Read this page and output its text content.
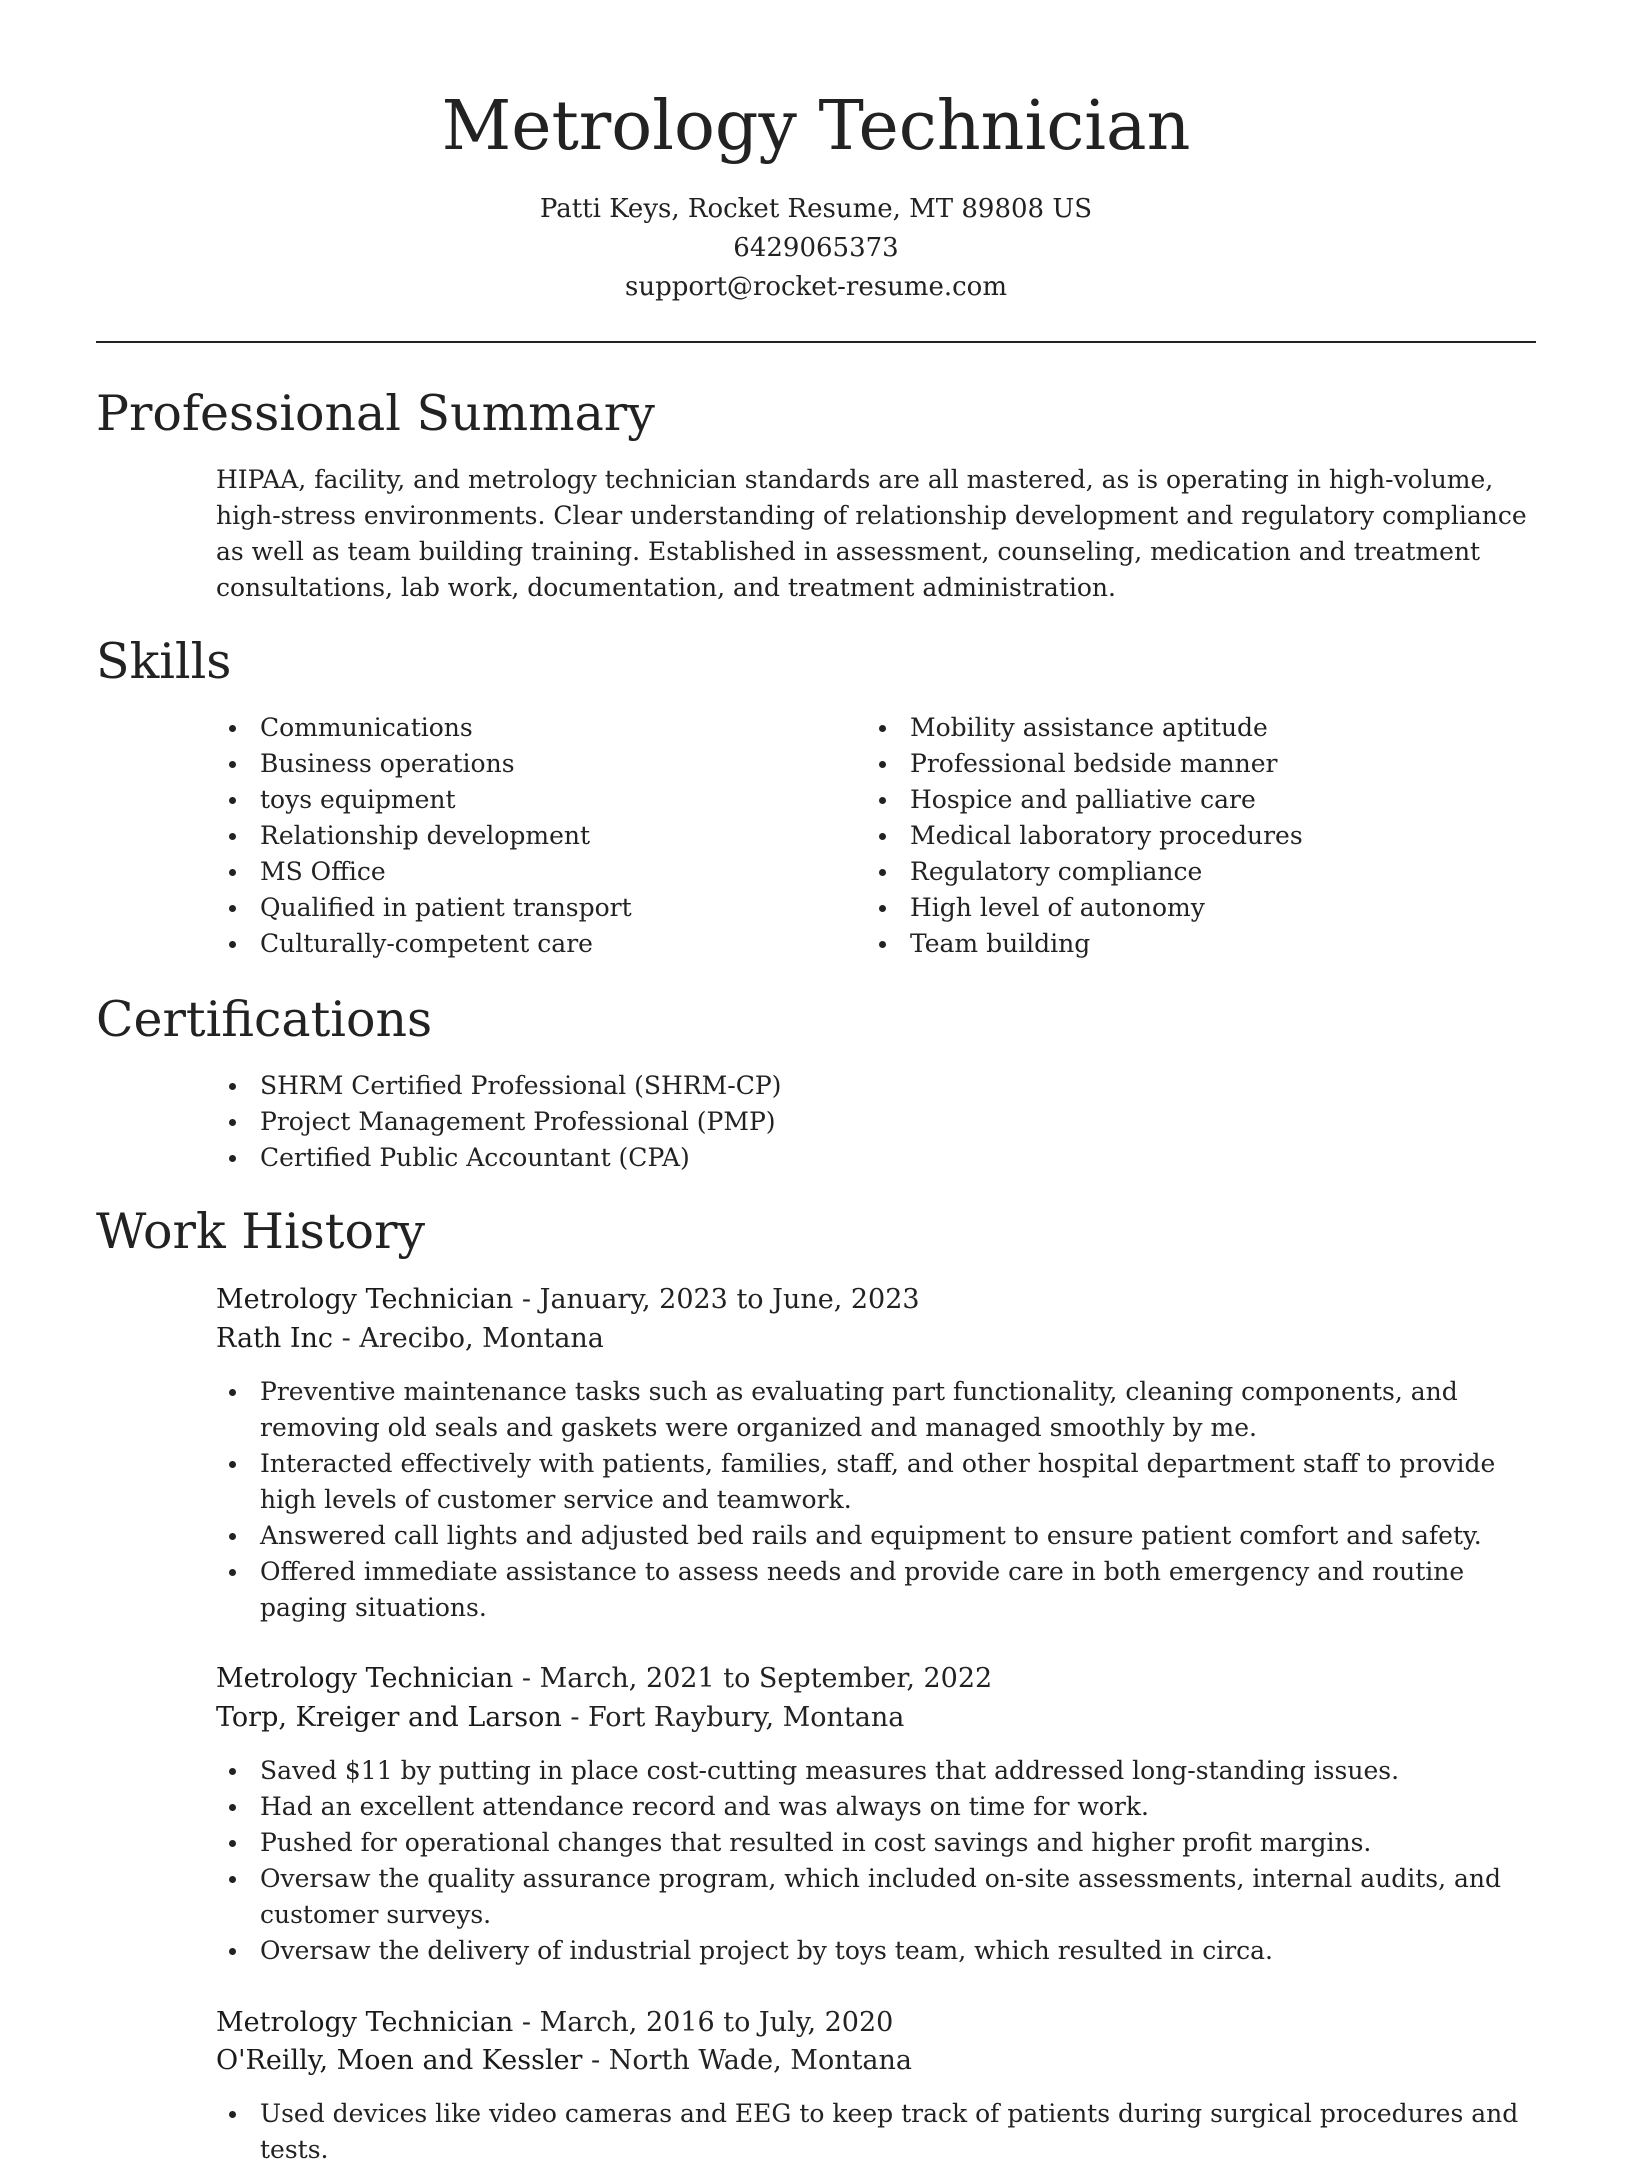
Metrology Technician
Patti Keys, Rocket Resume, MT 89808 US
6429065373
support@rocket-resume.com
Professional Summary

HIPAA, facility, and metrology technician standards are all mastered, as is operating in high-volume, high-stress environments. Clear understanding of relationship development and regulatory compliance as well as team building training. Established in assessment, counseling, medication and treatment consultations, lab work, documentation, and treatment administration.

Skills
Communications
Business operations
toys equipment
Relationship development
MS Office
Qualified in patient transport
Culturally-competent care
Mobility assistance aptitude
Professional bedside manner
Hospice and palliative care
Medical laboratory procedures
Regulatory compliance
High level of autonomy
Team building
Certifications
SHRM Certified Professional (SHRM-CP)
Project Management Professional (PMP)
Certified Public Accountant (CPA)
Work History
Metrology Technician - January, 2023 to June, 2023
Rath Inc - Arecibo, Montana
Preventive maintenance tasks such as evaluating part functionality, cleaning components, and removing old seals and gaskets were organized and managed smoothly by me.
Interacted effectively with patients, families, staff, and other hospital department staff to provide high levels of customer service and teamwork.
Answered call lights and adjusted bed rails and equipment to ensure patient comfort and safety.
Offered immediate assistance to assess needs and provide care in both emergency and routine paging situations.
Metrology Technician - March, 2021 to September, 2022
Torp, Kreiger and Larson - Fort Raybury, Montana
Saved $11 by putting in place cost-cutting measures that addressed long-standing issues.
Had an excellent attendance record and was always on time for work.
Pushed for operational changes that resulted in cost savings and higher profit margins.
Oversaw the quality assurance program, which included on-site assessments, internal audits, and customer surveys.
Oversaw the delivery of industrial project by toys team, which resulted in circa.
Metrology Technician - March, 2016 to July, 2020
O'Reilly, Moen and Kessler - North Wade, Montana
Used devices like video cameras and EEG to keep track of patients during surgical procedures and tests.
